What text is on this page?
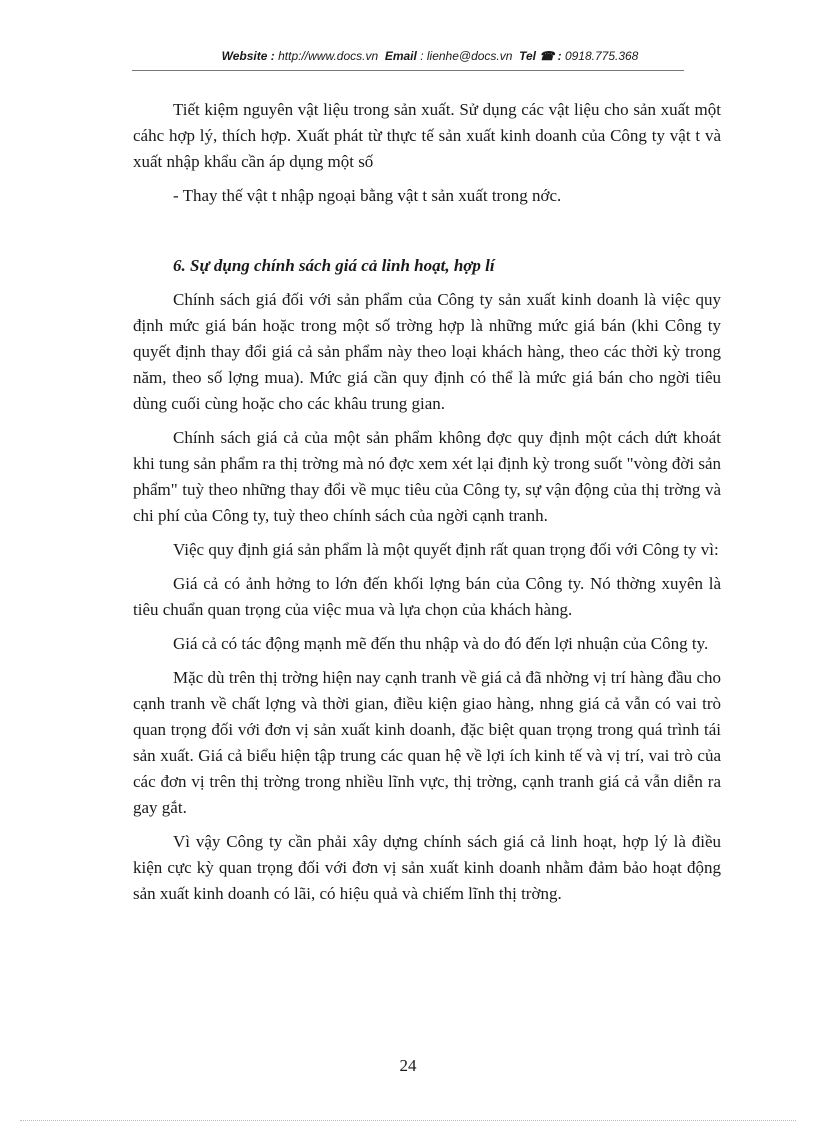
Website : http://www.docs.vn Email : lienhe@docs.vn Tel ☎ : 0918.775.368

Tiết kiệm nguyên vật liệu trong sản xuất. Sử dụng các vật liệu cho sản xuất một cáhc hợp lý, thích hợp. Xuất phát từ thực tế sản xuất kinh doanh của Công ty vật t và xuất nhập khẩu cần áp dụng một số

- Thay thế vật t nhập ngoại bằng vật t sản xuất trong nớc.

6. Sự dụng chính sách giá cả linh hoạt, hợp lí

Chính sách giá đối với sản phẩm của Công ty sản xuất kinh doanh là việc quy định mức giá bán hoặc trong một số trờng hợp là những mức giá bán (khi Công ty quyết định thay đổi giá cả sản phẩm này theo loại khách hàng, theo các thời kỳ trong năm, theo số lợng mua). Mức giá cần quy định có thể là mức giá bán cho ngời tiêu dùng cuối cùng hoặc cho các khâu trung gian.

Chính sách giá cả của một sản phẩm không đợc quy định một cách dứt khoát khi tung sản phẩm ra thị trờng mà nó đợc xem xét lại định kỳ trong suốt "vòng đời sản phẩm" tuỳ theo những thay đổi về mục tiêu của Công ty, sự vận động của thị trờng và chi phí của Công ty, tuỳ theo chính sách của ngời cạnh tranh.

Việc quy định giá sản phẩm là một quyết định rất quan trọng đối với Công ty vì:

Giá cả có ảnh hởng to lớn đến khối lợng bán của Công ty. Nó thờng xuyên là tiêu chuẩn quan trọng của việc mua và lựa chọn của khách hàng.

Giá cả có tác động mạnh mẽ đến thu nhập và do đó đến lợi nhuận của Công ty.

Mặc dù trên thị trờng hiện nay cạnh tranh về giá cả đã nhờng vị trí hàng đầu cho cạnh tranh về chất lợng và thời gian, điều kiện giao hàng, nhng giá cả vẫn có vai trò quan trọng đối với đơn vị sản xuất kinh doanh, đặc biệt quan trọng trong quá trình tái sản xuất. Giá cả biểu hiện tập trung các quan hệ về lợi ích kinh tế và vị trí, vai trò của các đơn vị trên thị trờng trong nhiều lĩnh vực, thị trờng, cạnh tranh giá cả vẫn diễn ra gay gắt.

Vì vậy Công ty cần phải xây dựng chính sách giá cả linh hoạt, hợp lý là điều kiện cực kỳ quan trọng đối với đơn vị sản xuất kinh doanh nhằm đảm bảo hoạt động sản xuất kinh doanh có lãi, có hiệu quả và chiếm lĩnh thị trờng.

24
